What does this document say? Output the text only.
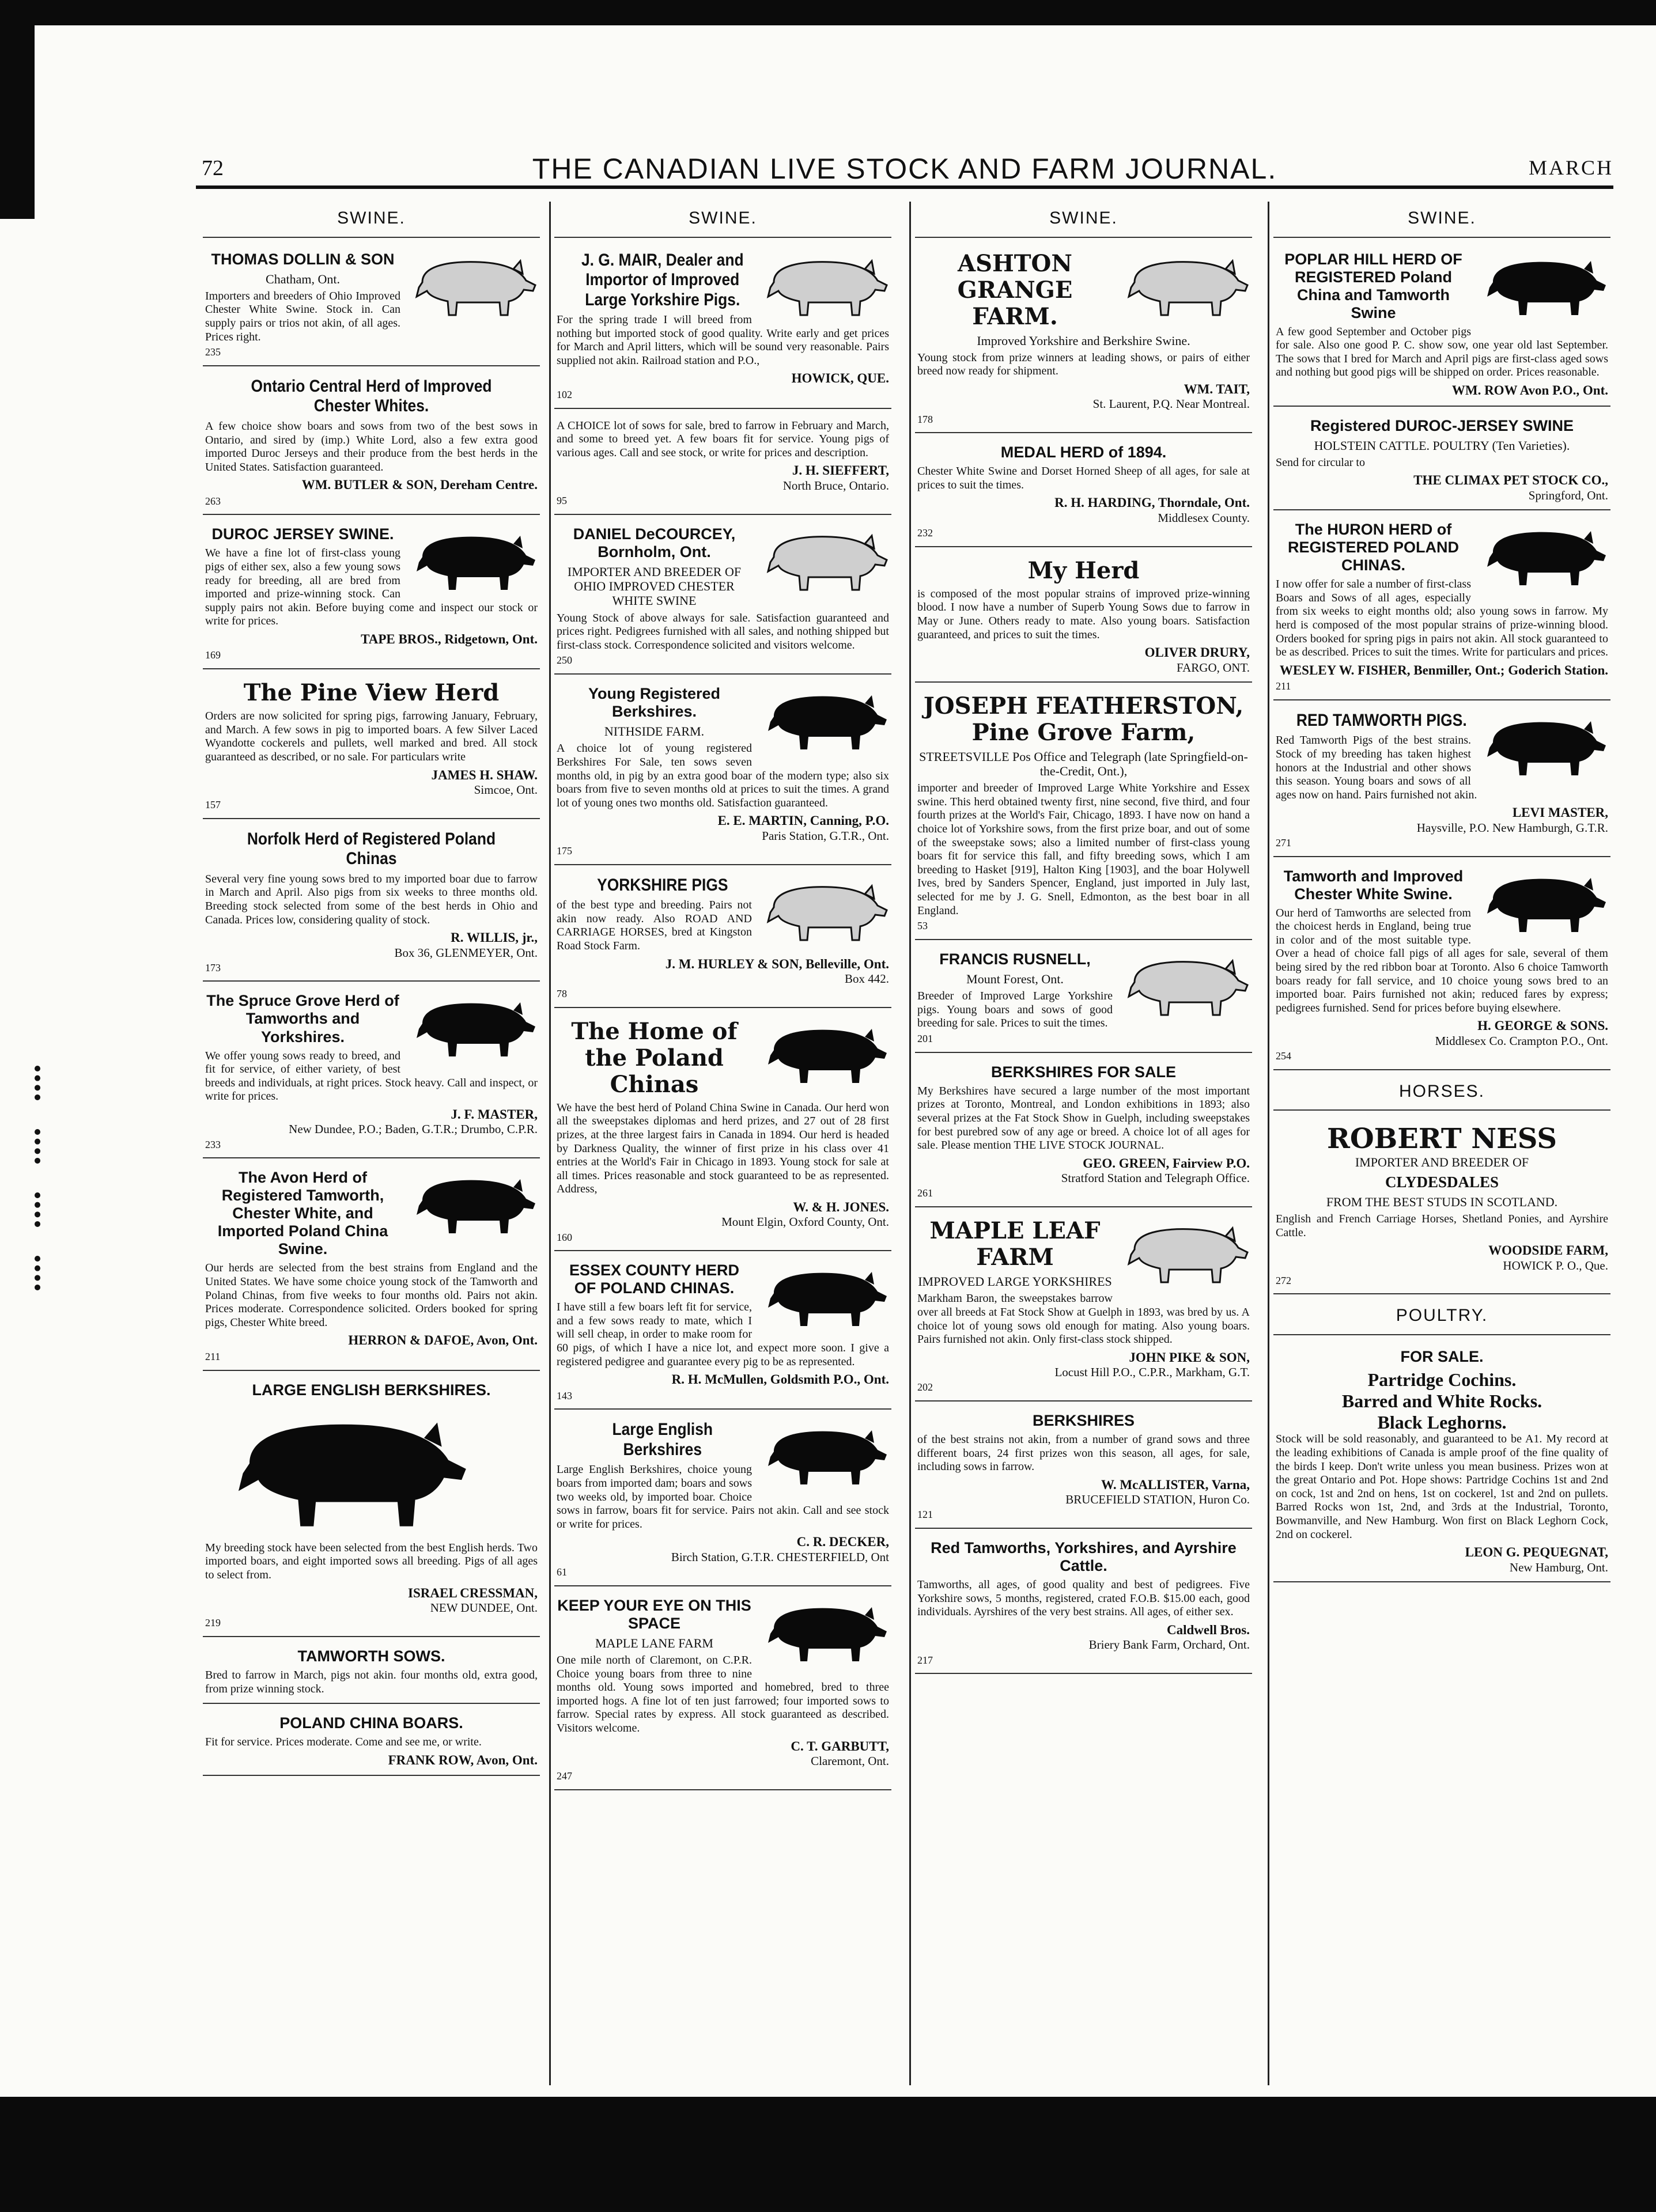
72	THE CANADIAN LIVE STOCK AND FARM JOURNAL.	MARCH
SWINE.
THOMAS DOLLIN & SON
Chatham, Ont.
Importers and breeders of Ohio Improved Chester White Swine. Stock in. Can supply pairs or trios not akin, of all ages. Prices right.
235
Ontario Central Herd of Improved Chester Whites.
A few choice show boars and sows from two of the best sows in Ontario, and sired by (imp.) White Lord, also a few extra good imported Duroc Jerseys and their produce from the best herds in the United States. Satisfaction guaranteed.
WM. BUTLER & SON, Dereham Centre.
263
DUROC JERSEY SWINE.
We have a fine lot of first-class young pigs of either sex, also a few young sows ready for breeding, all are bred from imported and prize-winning stock. Can supply pairs not akin. Before buying come and inspect our stock or write for prices.
TAPE BROS., Ridgetown, Ont.
169
The Pine View Herd
Orders are now solicited for spring pigs, farrowing January, February, and March. A few sows in pig to imported boars. A few Silver Laced Wyandotte cockerels and pullets, well marked and bred. All stock guaranteed as described, or no sale. For particulars write
JAMES H. SHAW.
Simcoe, Ont.
157
Norfolk Herd of Registered Poland Chinas
Several very fine young sows bred to my imported boar due to farrow in March and April. Also pigs from six weeks to three months old. Breeding stock selected from some of the best herds in Ohio and Canada. Prices low, considering quality of stock.
R. WILLIS, jr.,
Box 36, GLENMEYER, Ont.
173
The Spruce Grove Herd of Tamworths and Yorkshires.
We offer young sows ready to breed, and fit for service, of either variety, of best breeds and individuals, at right prices. Stock heavy. Call and inspect, or write for prices.
J. F. MASTER,
New Dundee, P.O.; Baden, G.T.R.; Drumbo, C.P.R.
233
The Avon Herd of Registered Tamworth, Chester White, and Imported Poland China Swine.
Our herds are selected from the best strains from England and the United States. We have some choice young stock of the Tamworth and Poland Chinas, from five weeks to four months old. Pairs not akin. Prices moderate. Correspondence solicited. Orders booked for spring pigs, Chester White breed.
HERRON & DAFOE, Avon, Ont.
211
LARGE ENGLISH BERKSHIRES.
My breeding stock have been selected from the best English herds. Two imported boars, and eight imported sows all breeding. Pigs of all ages to select from.
ISRAEL CRESSMAN,
NEW DUNDEE, Ont.
219
TAMWORTH SOWS.
Bred to farrow in March, pigs not akin. four months old, extra good, from prize winning stock.
POLAND CHINA BOARS.
Fit for service. Prices moderate. Come and see me, or write.
FRANK ROW, Avon, Ont.
SWINE.
J. G. MAIR, Dealer and Importor of Improved Large Yorkshire Pigs.
For the spring trade I will breed from nothing but imported stock of good quality. Write early and get prices for March and April litters, which will be sound very reasonable. Pairs supplied not akin. Railroad station and P.O.,
HOWICK, QUE.
102
A CHOICE lot of sows for sale, bred to farrow in February and March, and some to breed yet. A few boars fit for service. Young pigs of various ages. Call and see stock, or write for prices and description.
J. H. SIEFFERT,
North Bruce, Ontario.
95
DANIEL DeCOURCEY, Bornholm, Ont.
IMPORTER AND BREEDER OF OHIO IMPROVED CHESTER WHITE SWINE
Young Stock of above always for sale. Satisfaction guaranteed and prices right. Pedigrees furnished with all sales, and nothing shipped but first-class stock. Correspondence solicited and visitors welcome.
250
Young Registered Berkshires.
NITHSIDE FARM.
A choice lot of young registered Berkshires For Sale, ten sows seven months old, in pig by an extra good boar of the modern type; also six boars from five to seven months old at prices to suit the times. A grand lot of young ones two months old. Satisfaction guaranteed.
E. E. MARTIN, Canning, P.O.
Paris Station, G.T.R., Ont.
175
YORKSHIRE PIGS
of the best type and breeding. Pairs not akin now ready. Also ROAD AND CARRIAGE HORSES, bred at Kingston Road Stock Farm.
J. M. HURLEY & SON, Belleville, Ont.
Box 442.
78
The Home of the Poland Chinas
We have the best herd of Poland China Swine in Canada. Our herd won all the sweepstakes diplomas and herd prizes, and 27 out of 28 first prizes, at the three largest fairs in Canada in 1894. Our herd is headed by Darkness Quality, the winner of first prize in his class over 41 entries at the World's Fair in Chicago in 1893. Young stock for sale at all times. Prices reasonable and stock guaranteed to be as represented. Address,
W. & H. JONES.
Mount Elgin, Oxford County, Ont.
160
ESSEX COUNTY HERD OF POLAND CHINAS.
I have still a few boars left fit for service, and a few sows ready to mate, which I will sell cheap, in order to make room for 60 pigs, of which I have a nice lot, and expect more soon. I give a registered pedigree and guarantee every pig to be as represented.
R. H. McMullen, Goldsmith P.O., Ont.
143
Large English Berkshires
Large English Berkshires, choice young boars from imported dam; boars and sows two weeks old, by imported boar. Choice sows in farrow, boars fit for service. Pairs not akin. Call and see stock or write for prices.
C. R. DECKER,
Birch Station, G.T.R. CHESTERFIELD, Ont
61
KEEP YOUR EYE ON THIS SPACE
MAPLE LANE FARM
One mile north of Claremont, on C.P.R. Choice young boars from three to nine months old. Young sows imported and homebred, bred to three imported hogs. A fine lot of ten just farrowed; four imported sows to farrow. Special rates by express. All stock guaranteed as described. Visitors welcome.
C. T. GARBUTT,
Claremont, Ont.
247
SWINE.
ASHTON GRANGE FARM.
Improved Yorkshire and Berkshire Swine.
Young stock from prize winners at leading shows, or pairs of either breed now ready for shipment.
WM. TAIT,
St. Laurent, P.Q. Near Montreal.
178
MEDAL HERD of 1894.
Chester White Swine and Dorset Horned Sheep of all ages, for sale at prices to suit the times.
R. H. HARDING, Thorndale, Ont.
Middlesex County.
232
My Herd
is composed of the most popular strains of improved prize-winning blood. I now have a number of Superb Young Sows due to farrow in May or June. Others ready to mate. Also young boars. Satisfaction guaranteed, and prices to suit the times.
OLIVER DRURY,
FARGO, ONT.
JOSEPH FEATHERSTON, Pine Grove Farm,
STREETSVILLE Pos Office and Telegraph (late Springfield-on-the-Credit, Ont.),
importer and breeder of Improved Large White Yorkshire and Essex swine. This herd obtained twenty first, nine second, five third, and four fourth prizes at the World's Fair, Chicago, 1893. I have now on hand a choice lot of Yorkshire sows, from the first prize boar, and out of some of the sweepstake sows; also a limited number of first-class young boars fit for service this fall, and fifty breeding sows, which I am breeding to Hasket [919], Halton King [1903], and the boar Holywell Ives, bred by Sanders Spencer, England, just imported in July last, selected for me by J. G. Snell, Edmonton, as the best boar in all England.
53
FRANCIS RUSNELL,
Mount Forest, Ont.
Breeder of Improved Large Yorkshire pigs. Young boars and sows of good breeding for sale. Prices to suit the times.
201
BERKSHIRES FOR SALE
My Berkshires have secured a large number of the most important prizes at Toronto, Montreal, and London exhibitions in 1893; also several prizes at the Fat Stock Show in Guelph, including sweepstakes for best purebred sow of any age or breed. A choice lot of all ages for sale. Please mention THE LIVE STOCK JOURNAL.
GEO. GREEN, Fairview P.O.
Stratford Station and Telegraph Office.
261
MAPLE LEAF FARM
IMPROVED LARGE YORKSHIRES
Markham Baron, the sweepstakes barrow over all breeds at Fat Stock Show at Guelph in 1893, was bred by us. A choice lot of young sows old enough for mating. Also young boars. Pairs furnished not akin. Only first-class stock shipped.
JOHN PIKE & SON,
Locust Hill P.O., C.P.R., Markham, G.T.
202
BERKSHIRES
of the best strains not akin, from a number of grand sows and three different boars, 24 first prizes won this season, all ages, for sale, including sows in farrow.
W. McALLISTER, Varna,
BRUCEFIELD STATION, Huron Co.
121
Red Tamworths, Yorkshires, and Ayrshire Cattle.
Tamworths, all ages, of good quality and best of pedigrees. Five Yorkshire sows, 5 months, registered, crated F.O.B. $15.00 each, good individuals. Ayrshires of the very best strains. All ages, of either sex.
Caldwell Bros.
Briery Bank Farm, Orchard, Ont.
217
SWINE.
POPLAR HILL HERD OF REGISTERED Poland China and Tamworth Swine
A few good September and October pigs for sale. Also one good P. C. show sow, one year old last September. The sows that I bred for March and April pigs are first-class aged sows and nothing but good pigs will be shipped on order. Prices reasonable.
WM. ROW Avon P.O., Ont.
Registered DUROC-JERSEY SWINE
HOLSTEIN CATTLE. POULTRY (Ten Varieties).
Send for circular to
THE CLIMAX PET STOCK CO.,
Springford, Ont.
The HURON HERD of REGISTERED POLAND CHINAS.
I now offer for sale a number of first-class Boars and Sows of all ages, especially from six weeks to eight months old; also young sows in farrow. My herd is composed of the most popular strains of prize-winning blood. Orders booked for spring pigs in pairs not akin. All stock guaranteed to be as described. Prices to suit the times. Write for particulars and prices.
WESLEY W. FISHER, Benmiller, Ont.; Goderich Station.
211
RED TAMWORTH PIGS.
Red Tamworth Pigs of the best strains. Stock of my breeding has taken highest honors at the Industrial and other shows this season. Young boars and sows of all ages now on hand. Pairs furnished not akin.
LEVI MASTER,
Haysville, P.O. New Hamburgh, G.T.R.
271
Tamworth and Improved Chester White Swine.
Our herd of Tamworths are selected from the choicest herds in England, being true in color and of the most suitable type. Over a head of choice fall pigs of all ages for sale, several of them being sired by the red ribbon boar at Toronto. Also 6 choice Tamworth boars ready for fall service, and 10 choice young sows bred to an imported boar. Pairs furnished not akin; reduced fares by express; pedigrees furnished. Send for prices before buying elsewhere.
H. GEORGE & SONS.
Middlesex Co. Crampton P.O., Ont.
254
HORSES.
ROBERT NESS
IMPORTER AND BREEDER OF
CLYDESDALES
FROM THE BEST STUDS IN SCOTLAND.
English and French Carriage Horses, Shetland Ponies, and Ayrshire Cattle.
WOODSIDE FARM,
HOWICK P. O., Que.
272
POULTRY.
FOR SALE.
Partridge Cochins.
Barred and White Rocks.
Black Leghorns.
Stock will be sold reasonably, and guaranteed to be A1. My record at the leading exhibitions of Canada is ample proof of the fine quality of the birds I keep. Don't write unless you mean business. Prizes won at the great Ontario and Pot. Hope shows: Partridge Cochins 1st and 2nd on cock, 1st and 2nd on hens, 1st on cockerel, 1st and 2nd on pullets. Barred Rocks won 1st, 2nd, and 3rds at the Industrial, Toronto, Bowmanville, and New Hamburg. Won first on Black Leghorn Cock, 2nd on cockerel.
LEON G. PEQUEGNAT,
New Hamburg, Ont.
